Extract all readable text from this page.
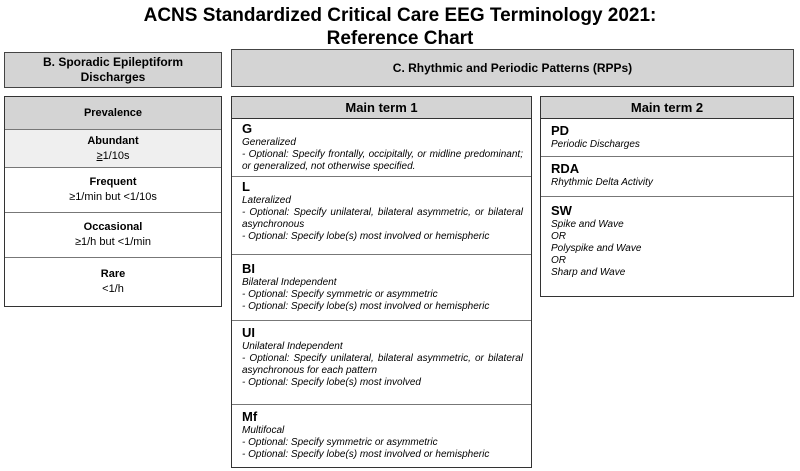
ACNS Standardized Critical Care EEG Terminology 2021:
Reference Chart
B. Sporadic Epileptiform
Discharges
C. Rhythmic and Periodic Patterns (RPPs)
Prevalence
Abundant
≥1/10s
Frequent
≥1/min but <1/10s
Occasional
≥1/h but <1/min
Rare
<1/h
Main term 1
G
Generalized
- Optional: Specify frontally, occipitally, or midline predominant; or generalized, not otherwise specified.
L
Lateralized
- Optional: Specify unilateral, bilateral asymmetric, or bilateral asynchronous
- Optional: Specify lobe(s) most involved or hemispheric
BI
Bilateral Independent
- Optional: Specify symmetric or asymmetric
- Optional: Specify lobe(s) most involved or hemispheric
UI
Unilateral Independent
- Optional: Specify unilateral, bilateral asymmetric, or bilateral asynchronous for each pattern
- Optional: Specify lobe(s) most involved
Mf
Multifocal
- Optional: Specify symmetric or asymmetric
- Optional: Specify lobe(s) most involved or hemispheric
Main term 2
PD
Periodic Discharges
RDA
Rhythmic Delta Activity
SW
Spike and Wave
OR
Polyspike and Wave
OR
Sharp and Wave
